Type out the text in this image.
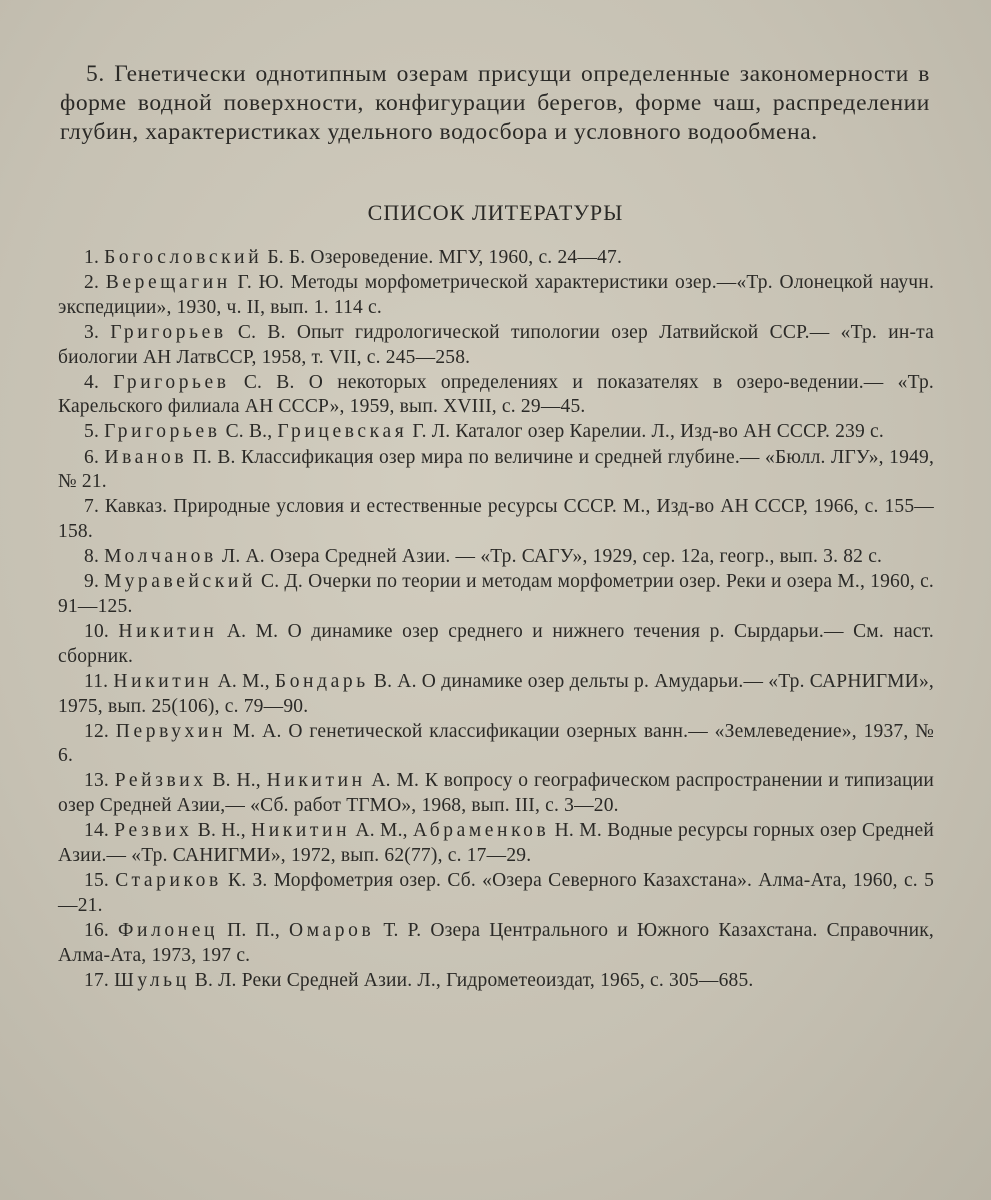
5. Генетически однотипным озерам присущи определенные закономерности в форме водной поверхности, конфигурации берегов, форме чаш, распределении глубин, характеристиках удельного водосбора и условного водообмена.

СПИСОК ЛИТЕРАТУРЫ
1. Богословский Б. Б. Озероведение. МГУ, 1960, с. 24—47.
2. Верещагин Г. Ю. Методы морфометрической характеристики озер.—«Тр. Олонецкой научн. экспедиции», 1930, ч. II, вып. 1. 114 с.
3. Григорьев С. В. Опыт гидрологической типологии озер Латвийской ССР.— «Тр. ин-та биологии АН ЛатвССР, 1958, т. VII, с. 245—258.
4. Григорьев С. В. О некоторых определениях и показателях в озеро-ведении.— «Тр. Карельского филиала АН СССР», 1959, вып. XVIII, с. 29—45.
5. Григорьев С. В., Грицевская Г. Л. Каталог озер Карелии. Л., Изд-во АН СССР. 239 с.
6. Иванов П. В. Классификация озер мира по величине и средней глубине.— «Бюлл. ЛГУ», 1949, № 21.
7. Кавказ. Природные условия и естественные ресурсы СССР. М., Изд-во АН СССР, 1966, с. 155—158.
8. Молчанов Л. А. Озера Средней Азии. — «Тр. САГУ», 1929, сер. 12а, геогр., вып. 3. 82 с.
9. Муравейский С. Д. Очерки по теории и методам морфометрии озер. Реки и озера М., 1960, с. 91—125.
10. Никитин А. М. О динамике озер среднего и нижнего течения р. Сырдарьи.— См. наст. сборник.
11. Никитин А. М., Бондарь В. А. О динамике озер дельты р. Амударьи.— «Тр. САРНИГМИ», 1975, вып. 25(106), с. 79—90.
12. Первухин М. А. О генетической классификации озерных ванн.— «Землеведение», 1937, № 6.
13. Рейзвих В. Н., Никитин А. М. К вопросу о географическом распространении и типизации озер Средней Азии,— «Сб. работ ТГМО», 1968, вып. III, с. 3—20.
14. Резвих В. Н., Никитин А. М., Абраменков Н. М. Водные ресурсы горных озер Средней Азии.— «Тр. САНИГМИ», 1972, вып. 62(77), с. 17—29.
15. Стариков К. З. Морфометрия озер. Сб. «Озера Северного Казахстана». Алма-Ата, 1960, с. 5—21.
16. Филонец П. П., Омаров Т. Р. Озера Центрального и Южного Казахстана. Справочник, Алма-Ата, 1973, 197 с.
17. Шульц В. Л. Реки Средней Азии. Л., Гидрометеоиздат, 1965, с. 305—685.
